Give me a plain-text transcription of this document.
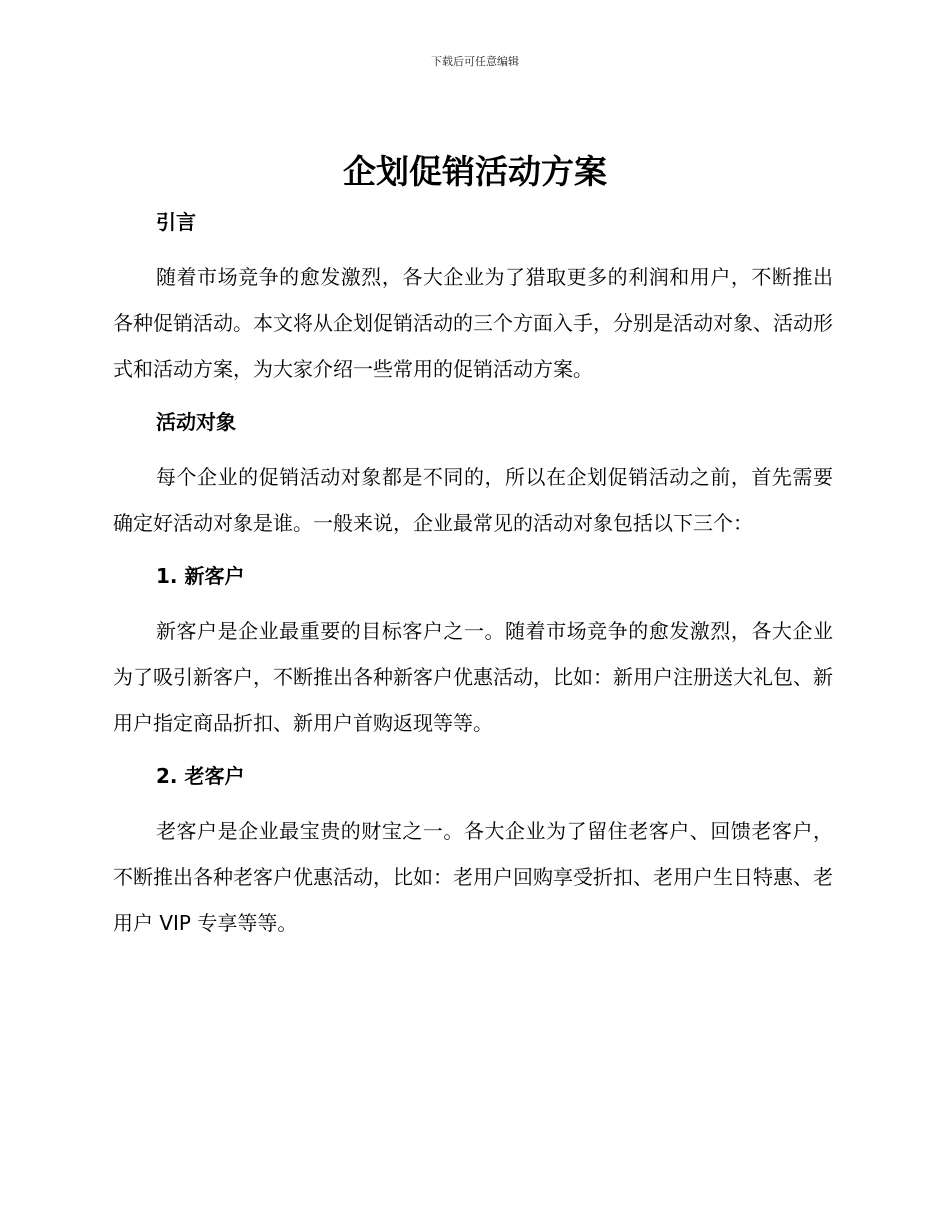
下载后可任意编辑
企划促销活动方案
引言

随着市场竞争的愈发激烈，各大企业为了猎取更多的利润和用户，不断推出各种促销活动。本文将从企划促销活动的三个方面入手，分别是活动对象、活动形式和活动方案，为大家介绍一些常用的促销活动方案。

活动对象

每个企业的促销活动对象都是不同的，所以在企划促销活动之前，首先需要确定好活动对象是谁。一般来说，企业最常见的活动对象包括以下三个：

1. 新客户

新客户是企业最重要的目标客户之一。随着市场竞争的愈发激烈，各大企业为了吸引新客户，不断推出各种新客户优惠活动，比如：新用户注册送大礼包、新用户指定商品折扣、新用户首购返现等等。

2. 老客户

老客户是企业最宝贵的财宝之一。各大企业为了留住老客户、回馈老客户，不断推出各种老客户优惠活动，比如：老用户回购享受折扣、老用户生日特惠、老用户 VIP 专享等等。
